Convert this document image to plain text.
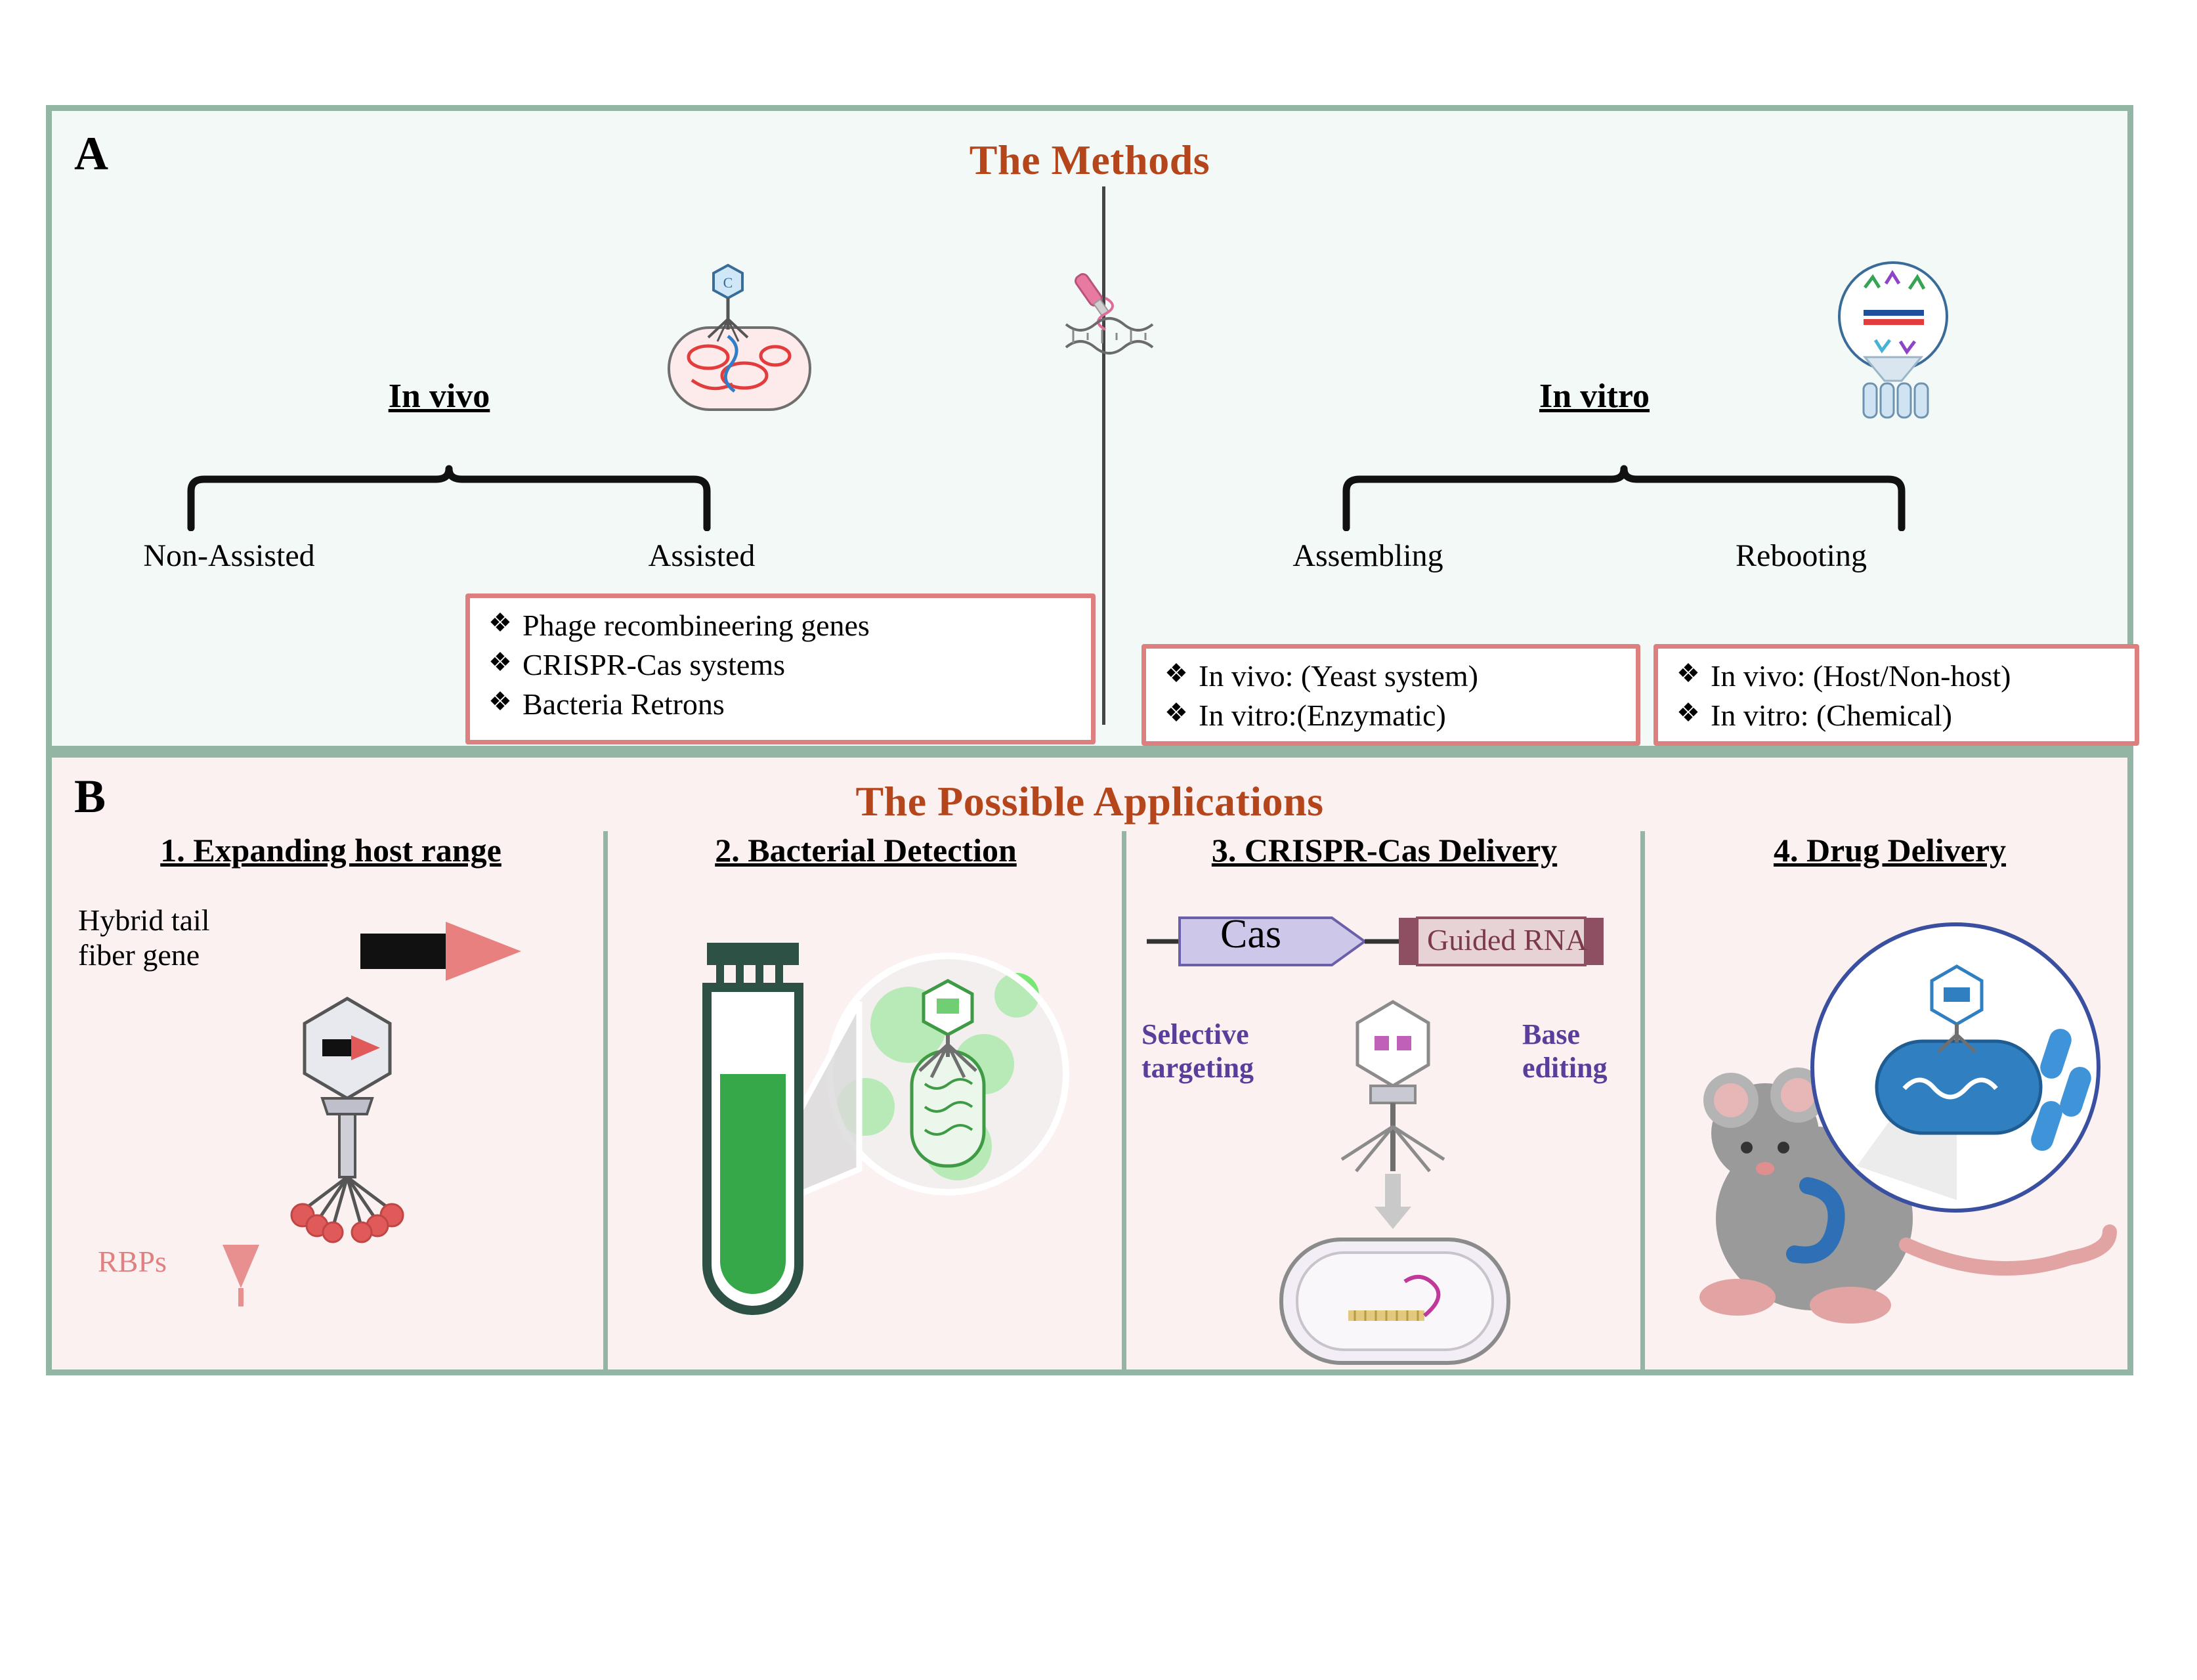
A	The Methods
C
In vivo
Non-Assisted	Assisted
❖ Phage recombineering genes
❖ CRISPR-Cas systems
❖ Bacteria Retrons
In vitro
Assembling	Rebooting
❖ In vivo: (Yeast system)
❖ In vitro:(Enzymatic)
❖ In vivo: (Host/Non-host)
❖ In vitro: (Chemical)
B	The Possible Applications
1. Expanding host range
Hybrid tail
fiber gene
RBPs
2. Bacterial Detection	3. CRISPR-Cas Delivery
Cas	Guided RNA
Selective
targeting
Base
editing
4. Drug Delivery
